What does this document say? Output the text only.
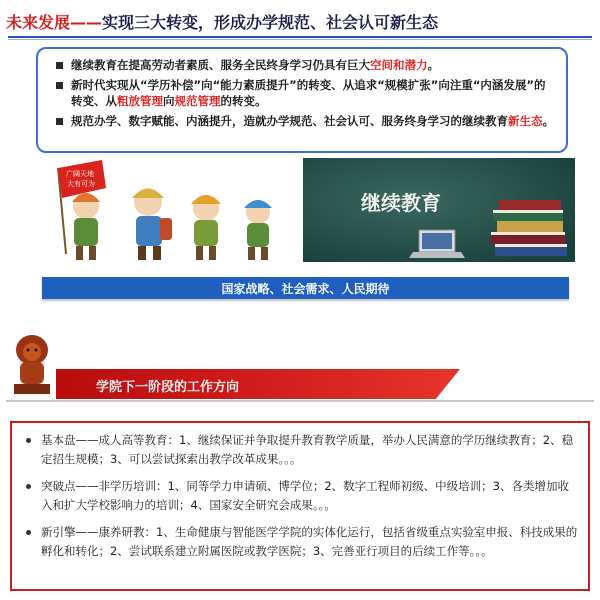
未来发展—— 实现三大转变，形成办学规范、社会认可新生态
继续教育在提高劳动者素质、服务全民终身学习仍具有巨大空间和潜力。
新时代实现从“学历补偿”向“能力素质提升”的转变、从追求“规模扩张”向注重“内涵发展”的转变、从粗放管理向规范管理的转变。
规范办学、数字赋能、内涵提升，造就办学规范、社会认可、服务终身学习的继续教育新生态。
广阔天地
大有可为
继续教育
国家战略、社会需求、人民期待
学院下一阶段的工作方向
基本盘——成人高等教育：1、继续保证并争取提升教育教学质量，举办人民满意的学历继续教育；2、稳定招生规模；3、可以尝试探索出教学改革成果。。。
突破点——非学历培训：1、同等学力申请硕、博学位；2、数字工程师初级、中级培训；3、各类增加收入和扩大学校影响力的培训；4、国家安全研究会成果。。。
新引擎——康养研教：1、生命健康与智能医学学院的实体化运行，包括省级重点实验室申报、科技成果的孵化和转化；2、尝试联系建立附属医院或教学医院；3、完善亚行项目的后续工作等。。。
